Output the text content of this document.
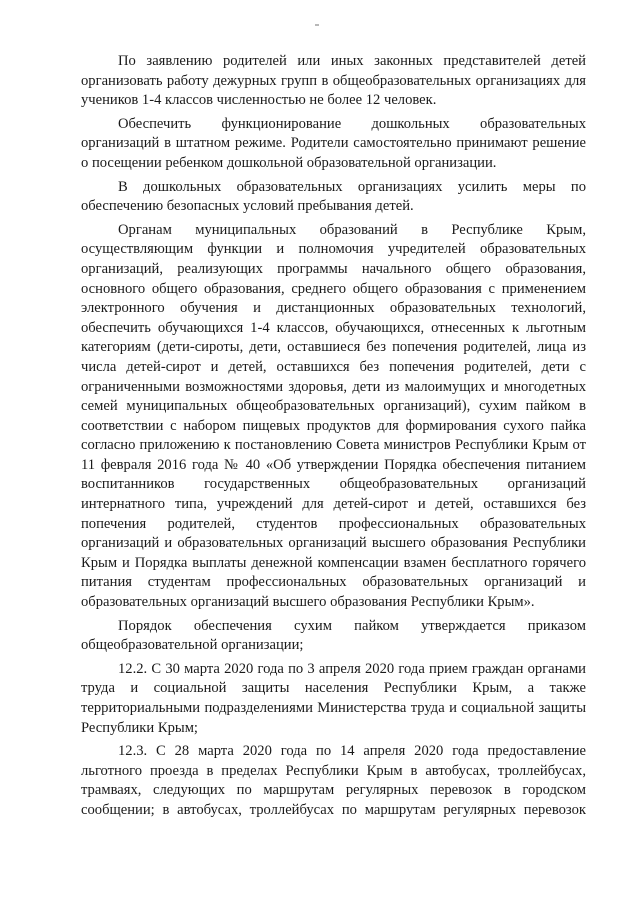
По заявлению родителей или иных законных представителей детей организовать работу дежурных групп в общеобразовательных организациях для учеников 1-4 классов численностью не более 12 человек.

Обеспечить функционирование дошкольных образовательных организаций в штатном режиме. Родители самостоятельно принимают решение о посещении ребенком дошкольной образовательной организации.

В дошкольных образовательных организациях усилить меры по обеспечению безопасных условий пребывания детей.

Органам муниципальных образований в Республике Крым, осуществляющим функции и полномочия учредителей образовательных организаций, реализующих программы начального общего образования, основного общего образования, среднего общего образования с применением электронного обучения и дистанционных образовательных технологий, обеспечить обучающихся 1-4 классов, обучающихся, отнесенных к льготным категориям (дети-сироты, дети, оставшиеся без попечения родителей, лица из числа детей-сирот и детей, оставшихся без попечения родителей, дети с ограниченными возможностями здоровья, дети из малоимущих и многодетных семей муниципальных общеобразовательных организаций), сухим пайком в соответствии с набором пищевых продуктов для формирования сухого пайка согласно приложению к постановлению Совета министров Республики Крым от 11 февраля 2016 года № 40 «Об утверждении Порядка обеспечения питанием воспитанников государственных общеобразовательных организаций интернатного типа, учреждений для детей-сирот и детей, оставшихся без попечения родителей, студентов профессиональных образовательных организаций и образовательных организаций высшего образования Республики Крым и Порядка выплаты денежной компенсации взамен бесплатного горячего питания студентам профессиональных образовательных организаций и образовательных организаций высшего образования Республики Крым».

Порядок обеспечения сухим пайком утверждается приказом общеобразовательной организации;

12.2. С 30 марта 2020 года по 3 апреля 2020 года прием граждан органами труда и социальной защиты населения Республики Крым, а также территориальными подразделениями Министерства труда и социальной защиты Республики Крым;

12.3. С 28 марта 2020 года по 14 апреля 2020 года предоставление льготного проезда в пределах Республики Крым в автобусах, троллейбусах, трамваях, следующих по маршрутам регулярных перевозок в городском сообщении; в автобусах, троллейбусах по маршрутам регулярных перевозок
